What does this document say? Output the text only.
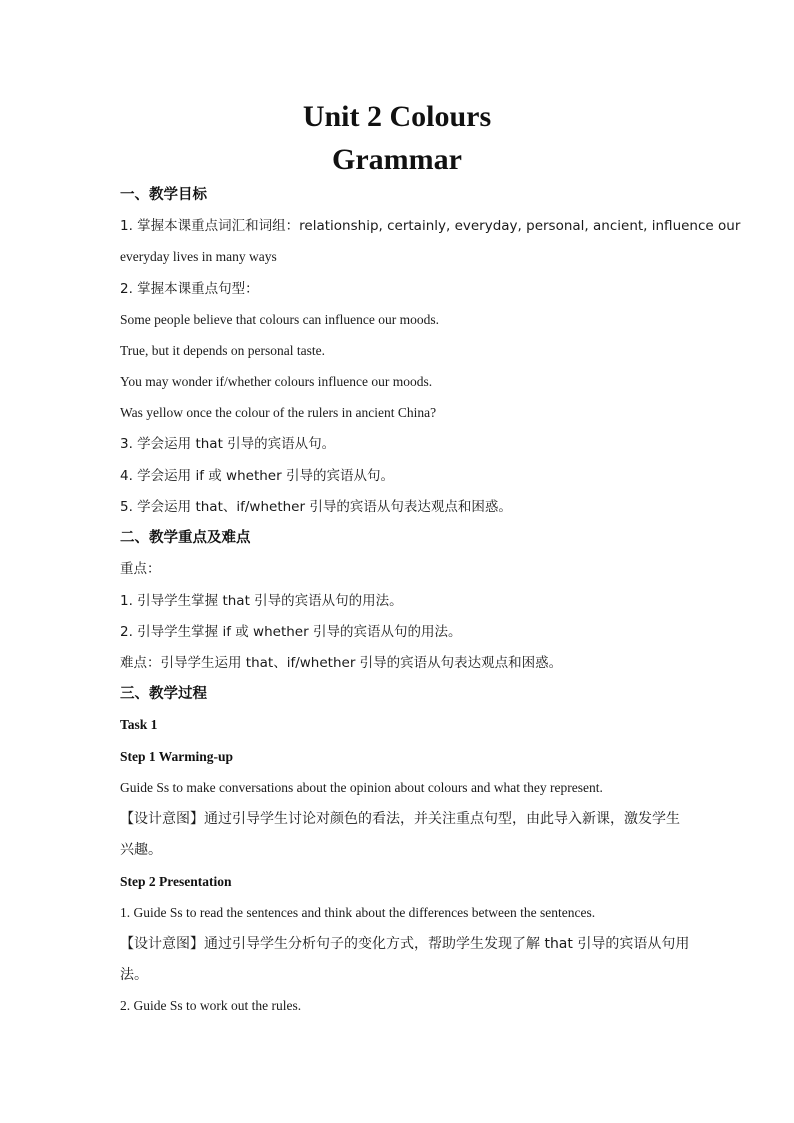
Unit 2 Colours
Grammar
一、教学目标
1. 掌握本课重点词汇和词组：relationship, certainly, everyday, personal, ancient, influence our
everyday lives in many ways
2. 掌握本课重点句型：
Some people believe that colours can influence our moods.
True, but it depends on personal taste.
You may wonder if/whether colours influence our moods.
Was yellow once the colour of the rulers in ancient China?
3. 学会运用 that 引导的宾语从句。
4. 学会运用 if 或 whether 引导的宾语从句。
5. 学会运用 that、if/whether 引导的宾语从句表达观点和困惑。
二、教学重点及难点
重点：
1. 引导学生掌握 that 引导的宾语从句的用法。
2. 引导学生掌握 if 或 whether 引导的宾语从句的用法。
难点：引导学生运用 that、if/whether 引导的宾语从句表达观点和困惑。
三、教学过程
Task 1
Step 1 Warming-up
Guide Ss to make conversations about the opinion about colours and what they represent.
【设计意图】通过引导学生讨论对颜色的看法，并关注重点句型，由此导入新课，激发学生
兴趣。
Step 2 Presentation
1. Guide Ss to read the sentences and think about the differences between the sentences.
【设计意图】通过引导学生分析句子的变化方式，帮助学生发现了解 that 引导的宾语从句用
法。
2. Guide Ss to work out the rules.
